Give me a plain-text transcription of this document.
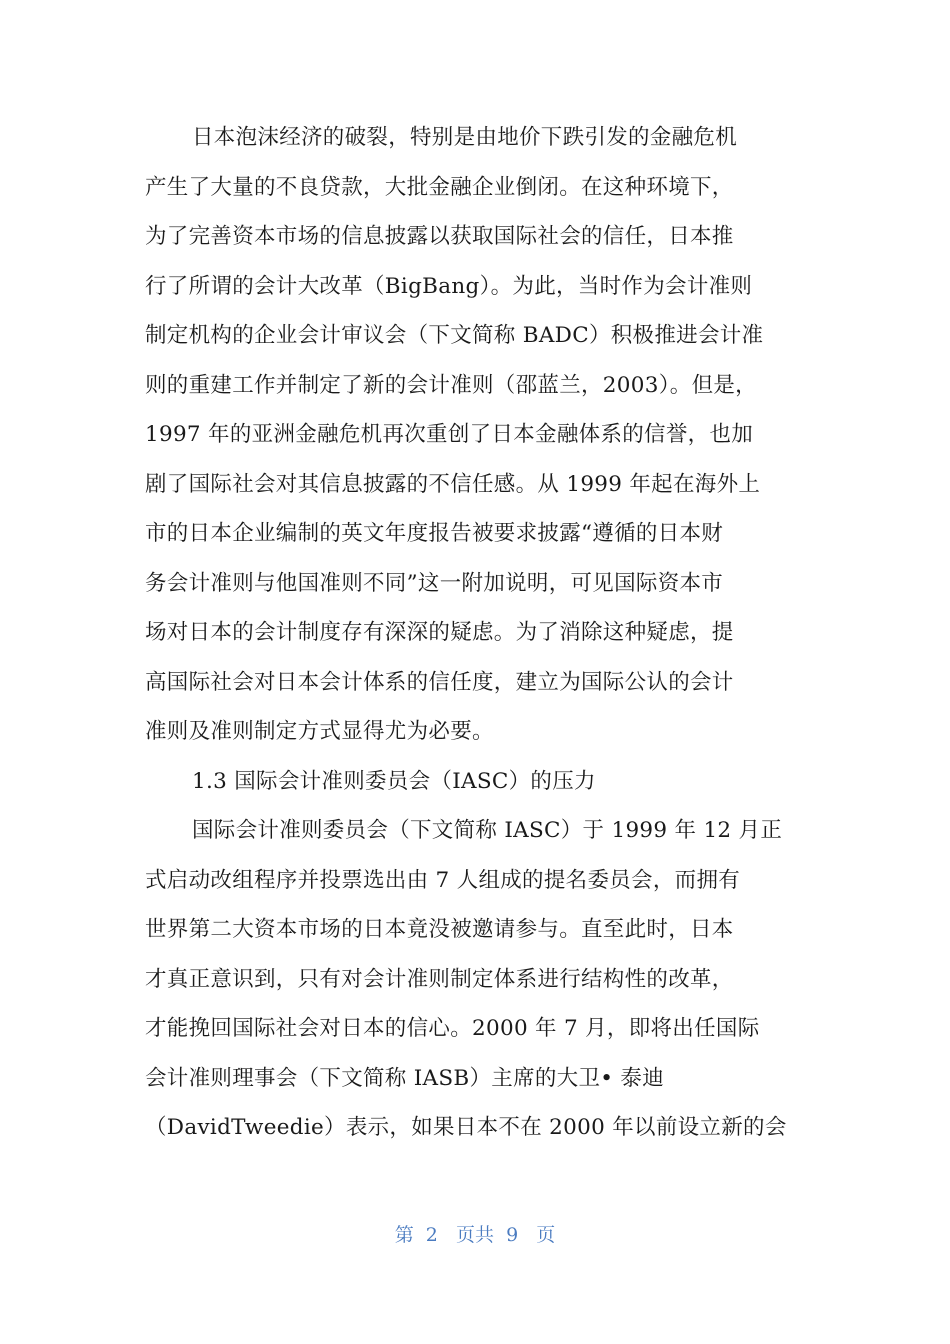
日本泡沫经济的破裂，特别是由地价下跌引发的金融危机
产生了大量的不良贷款，大批金融企业倒闭。在这种环境下，
为了完善资本市场的信息披露以获取国际社会的信任，日本推
行了所谓的会计大改革（BigBang）。为此，当时作为会计准则
制定机构的企业会计审议会（下文简称 BADC）积极推进会计准
则的重建工作并制定了新的会计准则（邵蓝兰，2003）。但是，
1997 年的亚洲金融危机再次重创了日本金融体系的信誉，也加
剧了国际社会对其信息披露的不信任感。从 1999 年起在海外上
市的日本企业编制的英文年度报告被要求披露“遵循的日本财
务会计准则与他国准则不同”这一附加说明，可见国际资本市
场对日本的会计制度存有深深的疑虑。为了消除这种疑虑，提
高国际社会对日本会计体系的信任度，建立为国际公认的会计
准则及准则制定方式显得尤为必要。
1.3 国际会计准则委员会（IASC）的压力
国际会计准则委员会（下文简称 IASC）于 1999 年 12 月正
式启动改组程序并投票选出由 7 人组成的提名委员会，而拥有
世界第二大资本市场的日本竟没被邀请参与。直至此时，日本
才真正意识到，只有对会计准则制定体系进行结构性的改革，
才能挽回国际社会对日本的信心。2000 年 7 月，即将出任国际
会计准则理事会（下文简称 IASB）主席的大卫• 泰迪
（DavidTweedie）表示，如果日本不在 2000 年以前设立新的会
第  2   页共  9   页
